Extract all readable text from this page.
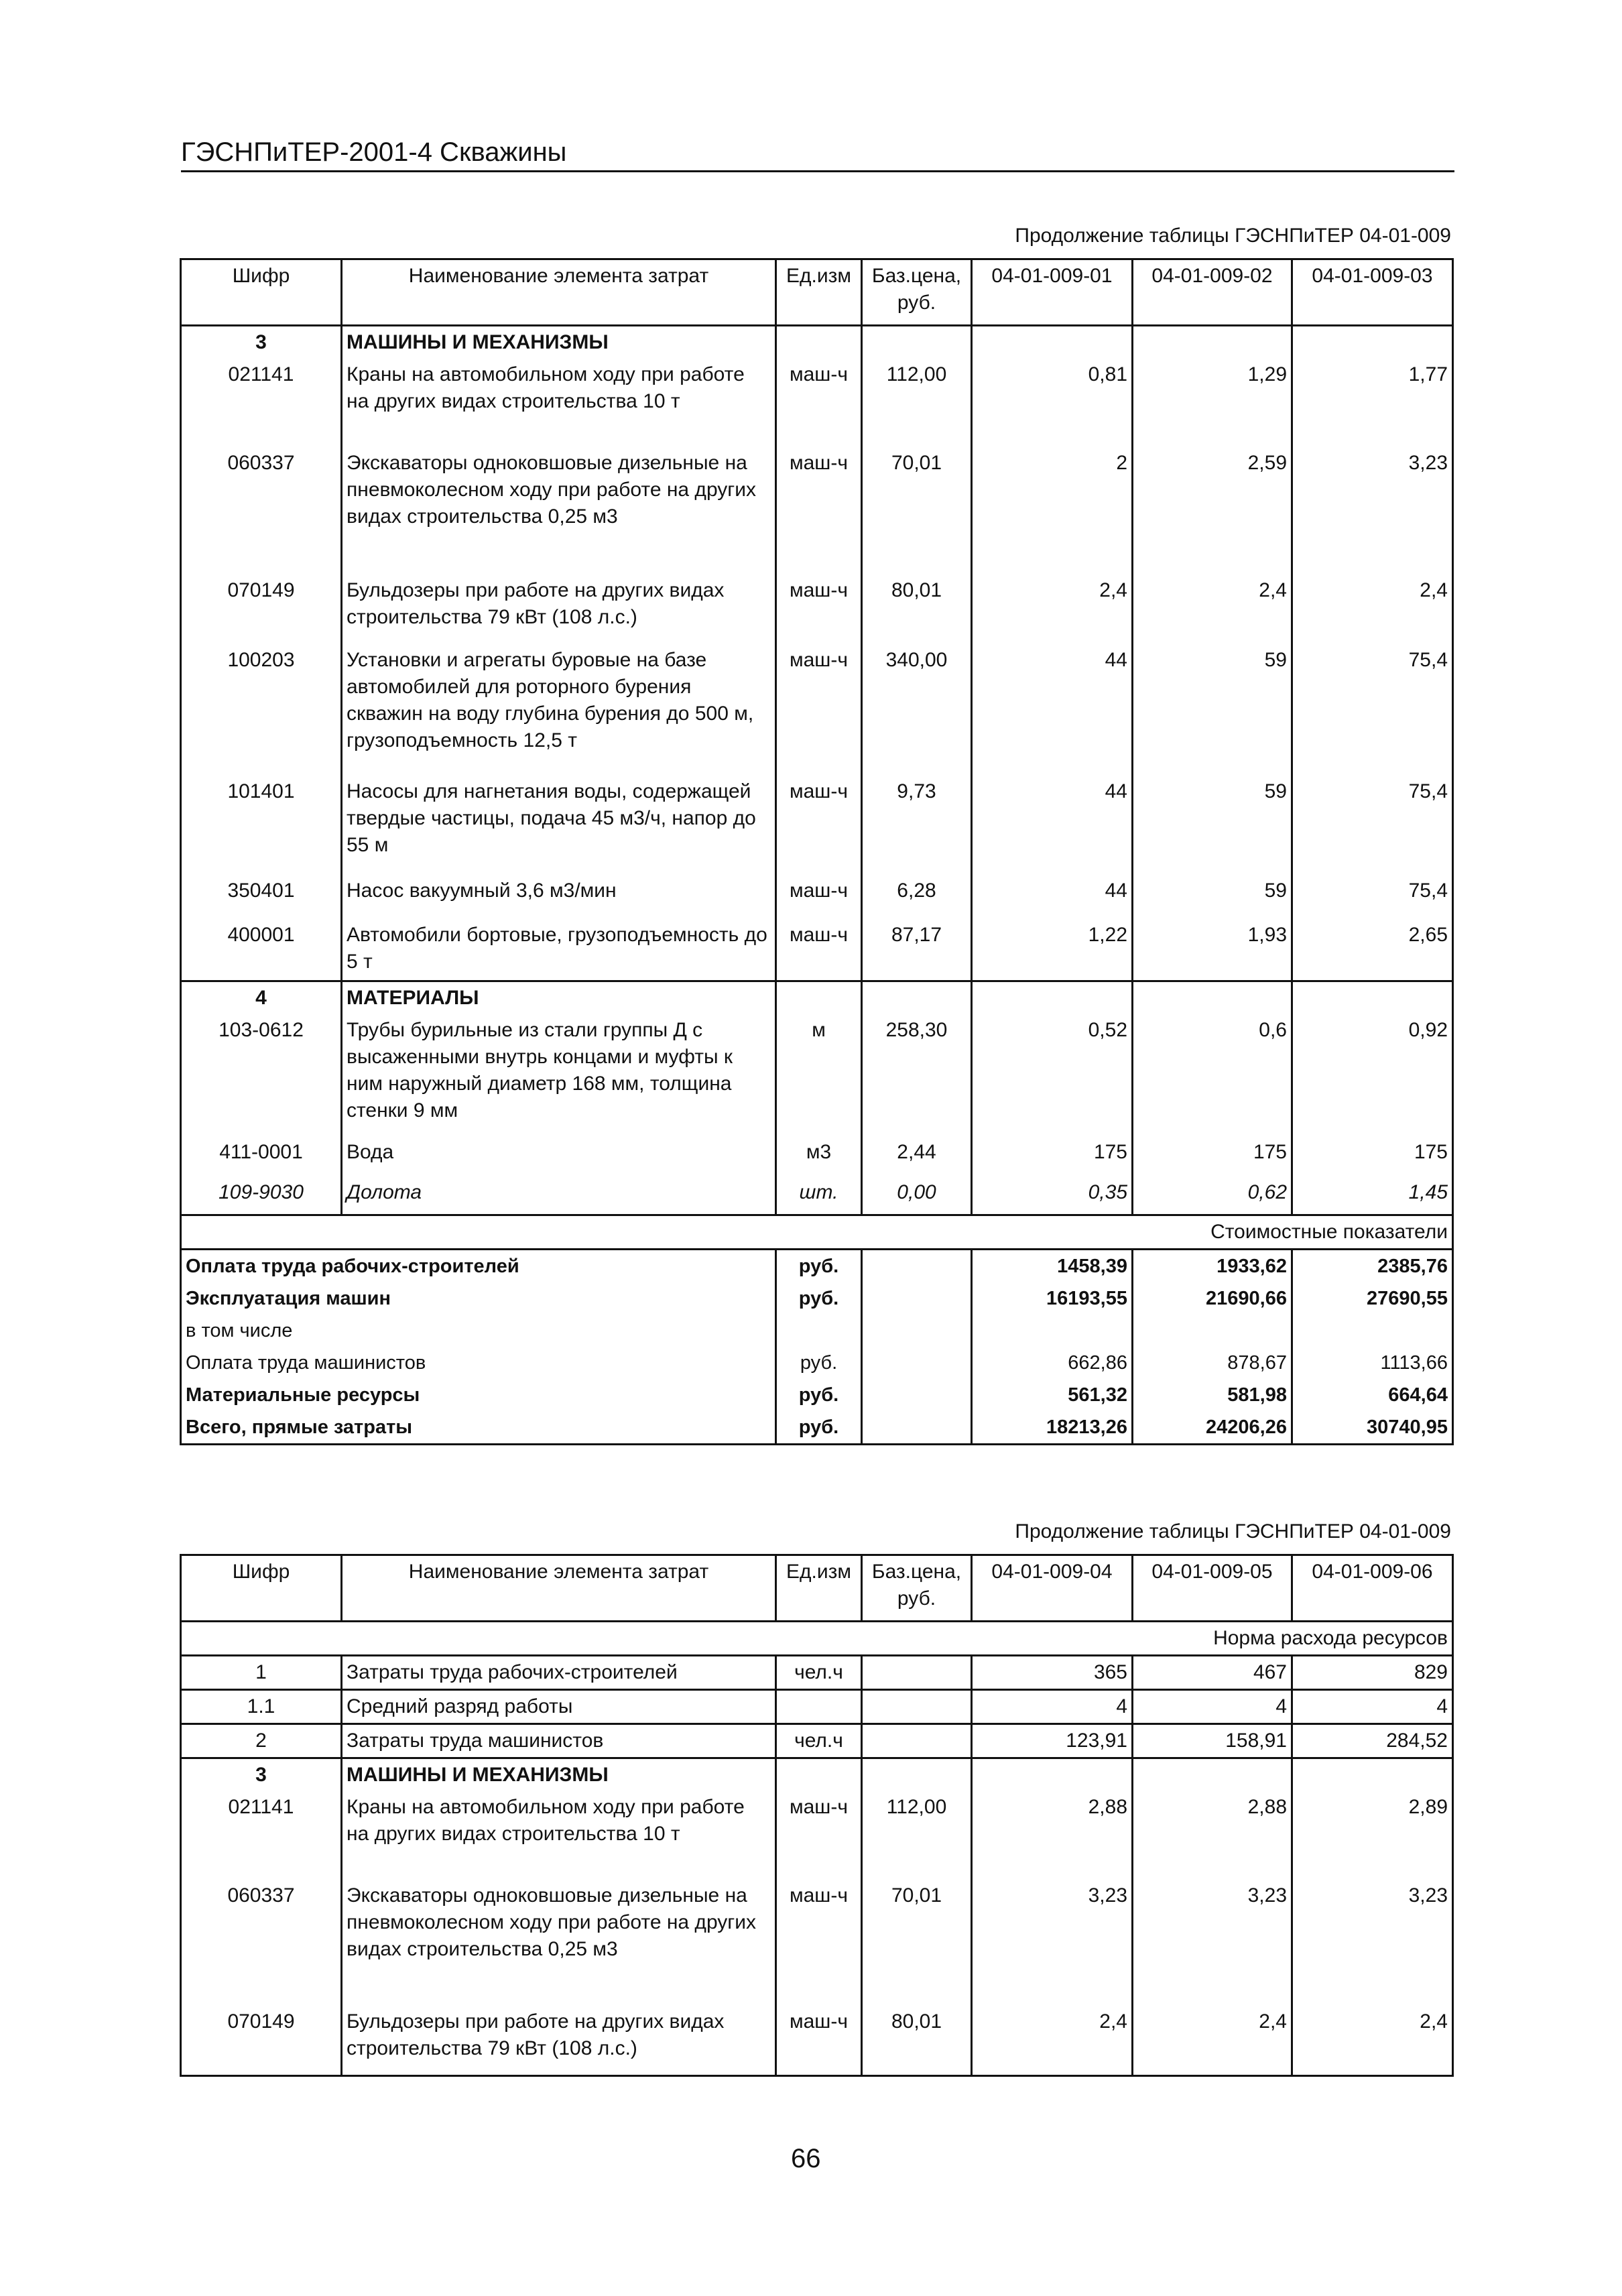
ГЭСНПиТЕР-2001-4 Скважины
Продолжение таблицы ГЭСНПиТЕР 04-01-009
Шифр	Наименование элемента затрат	Ед.изм	Баз.цена, руб.	04-01-009-01	04-01-009-02	04-01-009-03
3	МАШИНЫ И МЕХАНИЗМЫ					
021141	Краны на автомобильном ходу при работе на других видах строительства 10 т	маш-ч	112,00	0,81	1,29	1,77
060337	Экскаваторы одноковшовые дизельные на пневмоколесном ходу при работе на других видах строительства 0,25 м3	маш-ч	70,01	2	2,59	3,23
070149	Бульдозеры при работе на других видах строительства 79 кВт (108 л.с.)	маш-ч	80,01	2,4	2,4	2,4
100203	Установки и агрегаты буровые на базе автомобилей для роторного бурения скважин на воду глубина бурения до 500 м, грузоподъемность 12,5 т	маш-ч	340,00	44	59	75,4
101401	Насосы для нагнетания воды, содержащей твердые частицы, подача 45 м3/ч, напор до 55 м	маш-ч	9,73	44	59	75,4
350401	Насос вакуумный 3,6 м3/мин	маш-ч	6,28	44	59	75,4
400001	Автомобили бортовые, грузоподъемность до 5 т	маш-ч	87,17	1,22	1,93	2,65
4	МАТЕРИАЛЫ					
103-0612	Трубы бурильные из стали группы Д с высаженными внутрь концами и муфты к ним наружный диаметр 168 мм, толщина стенки 9 мм	м	258,30	0,52	0,6	0,92
411-0001	Вода	м3	2,44	175	175	175
109-9030	Долота	шт.	0,00	0,35	0,62	1,45
Стоимостные показатели						
Оплата труда рабочих-строителей		руб.		1458,39	1933,62	2385,76
Эксплуатация машин		руб.		16193,55	21690,66	27690,55
в том числе						
Оплата труда машинистов		руб.		662,86	878,67	1113,66
Материальные ресурсы		руб.		561,32	581,98	664,64
Всего, прямые затраты		руб.		18213,26	24206,26	30740,95
Продолжение таблицы ГЭСНПиТЕР 04-01-009
Шифр	Наименование элемента затрат	Ед.изм	Баз.цена, руб.	04-01-009-04	04-01-009-05	04-01-009-06
Норма расхода ресурсов						
1	Затраты труда рабочих-строителей	чел.ч		365	467	829
1.1	Средний разряд работы			4	4	4
2	Затраты труда машинистов	чел.ч		123,91	158,91	284,52
3	МАШИНЫ И МЕХАНИЗМЫ					
021141	Краны на автомобильном ходу при работе на других видах строительства 10 т	маш-ч	112,00	2,88	2,88	2,89
060337	Экскаваторы одноковшовые дизельные на пневмоколесном ходу при работе на других видах строительства 0,25 м3	маш-ч	70,01	3,23	3,23	3,23
070149	Бульдозеры при работе на других видах строительства 79 кВт (108 л.с.)	маш-ч	80,01	2,4	2,4	2,4
66
